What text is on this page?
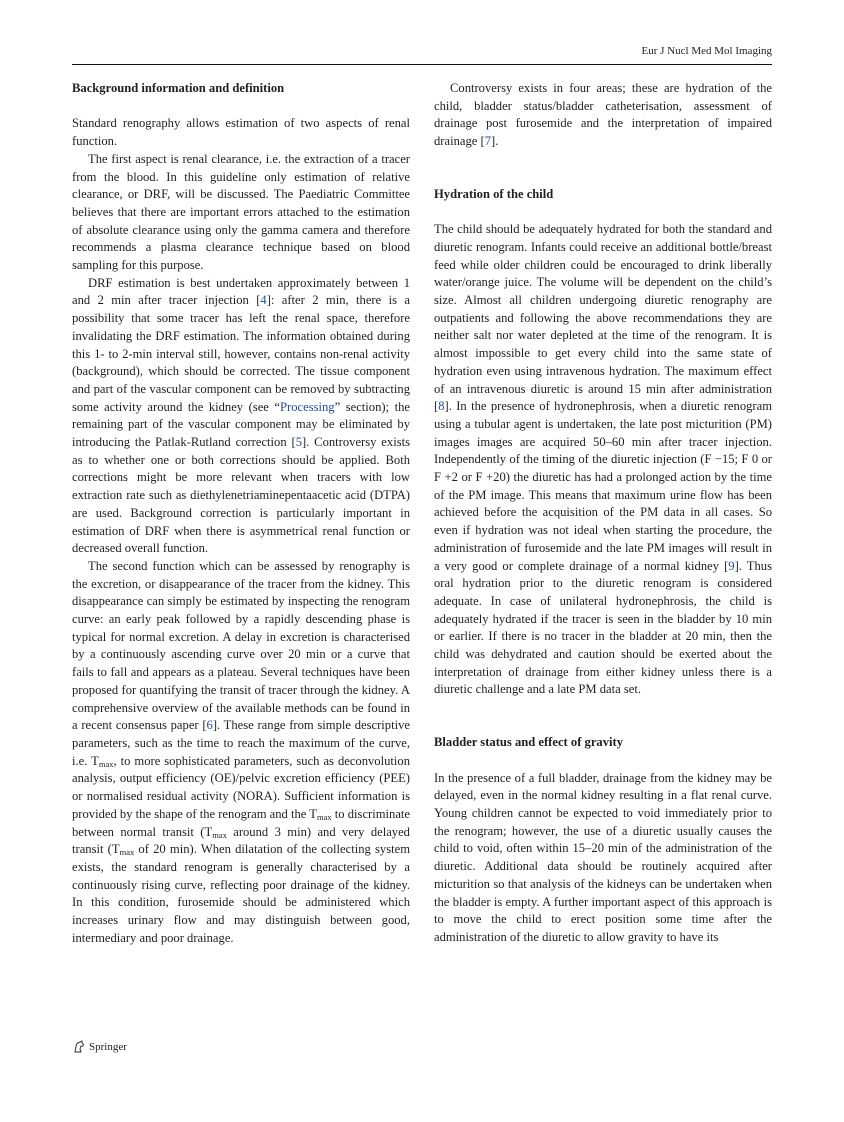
Eur J Nucl Med Mol Imaging
Background information and definition

Standard renography allows estimation of two aspects of renal function.

The first aspect is renal clearance, i.e. the extraction of a tracer from the blood. In this guideline only estimation of relative clearance, or DRF, will be discussed. The Paediatric Committee believes that there are important errors attached to the estimation of absolute clearance using only the gamma camera and therefore recommends a plasma clearance technique based on blood sampling for this purpose.

DRF estimation is best undertaken approximately between 1 and 2 min after tracer injection [4]: after 2 min, there is a possibility that some tracer has left the renal space, therefore invalidating the DRF estimation. The information obtained during this 1- to 2-min interval still, however, contains non-renal activity (background), which should be corrected. The tissue component and part of the vascular component can be removed by subtracting some activity around the kidney (see “Processing” section); the remaining part of the vascular component may be eliminated by introducing the Patlak-Rutland correction [5]. Controversy exists as to whether one or both corrections should be applied. Both corrections might be more relevant when tracers with low extraction rate such as diethylenetriaminepentaacetic acid (DTPA) are used. Background correction is particularly important in estimation of DRF when there is asymmetrical renal function or decreased overall function.

The second function which can be assessed by renography is the excretion, or disappearance of the tracer from the kidney. This disappearance can simply be estimated by inspecting the renogram curve: an early peak followed by a rapidly descending phase is typical for normal excretion. A delay in excretion is characterised by a continuously ascending curve over 20 min or a curve that fails to fall and appears as a plateau. Several techniques have been proposed for quantifying the transit of tracer through the kidney. A comprehensive overview of the available methods can be found in a recent consensus paper [6]. These range from simple descriptive parameters, such as the time to reach the maximum of the curve, i.e. $T_{max}$, to more sophisticated parameters, such as deconvolution analysis, output efficiency (OE)/pelvic excretion efficiency (PEE) or normalised residual activity (NORA). Sufficient information is provided by the shape of the renogram and the $T_{max}$ to discriminate between normal transit ($T_{max}$ around 3 min) and very delayed transit ($T_{max}$ of 20 min). When dilatation of the collecting system exists, the standard renogram is generally characterised by a continuously rising curve, reflecting poor drainage of the kidney. In this condition, furosemide should be administered which increases urinary flow and may distinguish between good, intermediary and poor drainage.

Controversy exists in four areas; these are hydration of the child, bladder status/bladder catheterisation, assessment of drainage post furosemide and the interpretation of impaired drainage [7].

Hydration of the child

The child should be adequately hydrated for both the standard and diuretic renogram. Infants could receive an additional bottle/breast feed while older children could be encouraged to drink liberally water/orange juice. The volume will be dependent on the child’s size. Almost all children undergoing diuretic renography are outpatients and following the above recommendations they are neither salt nor water depleted at the time of the renogram. It is almost impossible to get every child into the same state of hydration even using intravenous hydration. The maximum effect of an intravenous diuretic is around 15 min after administration [8]. In the presence of hydronephrosis, when a diuretic renogram using a tubular agent is undertaken, the late post micturition (PM) images images are acquired 50–60 min after tracer injection. Independently of the timing of the diuretic injection (F −15; F 0 or F +2 or F +20) the diuretic has had a prolonged action by the time of the PM image. This means that maximum urine flow has been achieved before the acquisition of the PM data in all cases. So even if hydration was not ideal when starting the procedure, the administration of furosemide and the late PM images will result in a very good or complete drainage of a normal kidney [9]. Thus oral hydration prior to the diuretic renogram is considered adequate. In case of unilateral hydronephrosis, the child is adequately hydrated if the tracer is seen in the bladder by 10 min or earlier. If there is no tracer in the bladder at 20 min, then the child was dehydrated and caution should be exerted about the interpretation of drainage from either kidney unless there is a diuretic challenge and a late PM data set.

Bladder status and effect of gravity

In the presence of a full bladder, drainage from the kidney may be delayed, even in the normal kidney resulting in a flat renal curve. Young children cannot be expected to void immediately prior to the renogram; however, the use of a diuretic usually causes the child to void, often within 15–20 min of the administration of the diuretic. Additional data should be routinely acquired after micturition so that analysis of the kidneys can be undertaken when the bladder is empty. A further important aspect of this approach is to move the child to erect position some time after the administration of the diuretic to allow gravity to have its

Springer
